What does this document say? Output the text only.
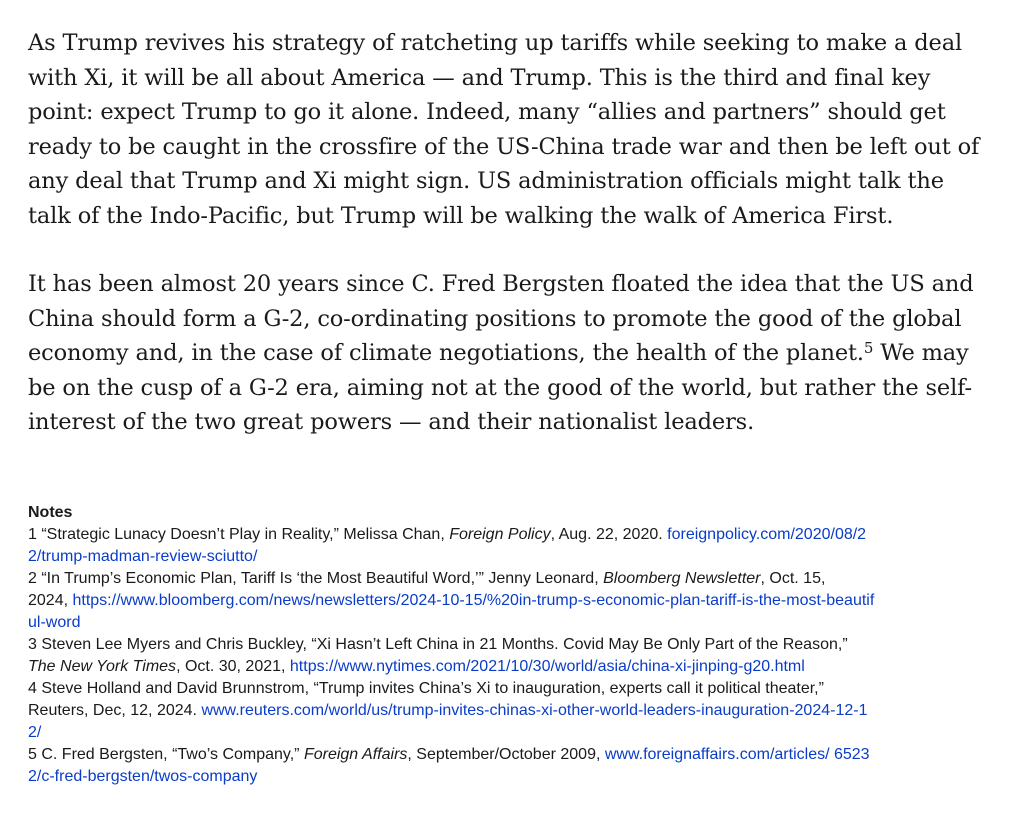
As Trump revives his strategy of ratcheting up tariffs while seeking to make a deal
with Xi, it will be all about America — and Trump. This is the third and final key
point: expect Trump to go it alone. Indeed, many “allies and partners” should get
ready to be caught in the crossfire of the US-China trade war and then be left out of
any deal that Trump and Xi might sign. US administration officials might talk the
talk of the Indo-Pacific, but Trump will be walking the walk of America First.

It has been almost 20 years since C. Fred Bergsten floated the idea that the US and
China should form a G-2, co-ordinating positions to promote the good of the global
economy and, in the case of climate negotiations, the health of the planet.$^5$ We may
be on the cusp of a G-2 era, aiming not at the good of the world, but rather the self-
interest of the two great powers — and their nationalist leaders.

Notes
1 “Strategic Lunacy Doesn’t Play in Reality,” Melissa Chan, Foreign Policy, Aug. 22, 2020. foreignpolicy.com/2020/08/2
2/trump-madman-review-sciutto/
2 “In Trump’s Economic Plan, Tariff Is ‘the Most Beautiful Word,’” Jenny Leonard, Bloomberg Newsletter, Oct. 15,
2024, https://www.bloomberg.com/news/newsletters/2024-10-15/%20in-trump-s-economic-plan-tariff-is-the-most-beautif
ul-word
3 Steven Lee Myers and Chris Buckley, “Xi Hasn’t Left China in 21 Months. Covid May Be Only Part of the Reason,”
The New York Times, Oct. 30, 2021, https://www.nytimes.com/2021/10/30/world/asia/china-xi-jinping-g20.html
4 Steve Holland and David Brunnstrom, “Trump invites China’s Xi to inauguration, experts call it political theater,”
Reuters, Dec, 12, 2024. www.reuters.com/world/us/trump-invites-chinas-xi-other-world-leaders-inauguration-2024-12-1
2/
5 C. Fred Bergsten, “Two’s Company,” Foreign Affairs, September/October 2009, www.foreignaffairs.com/articles/ 6523
2/c-fred-bergsten/twos-company
